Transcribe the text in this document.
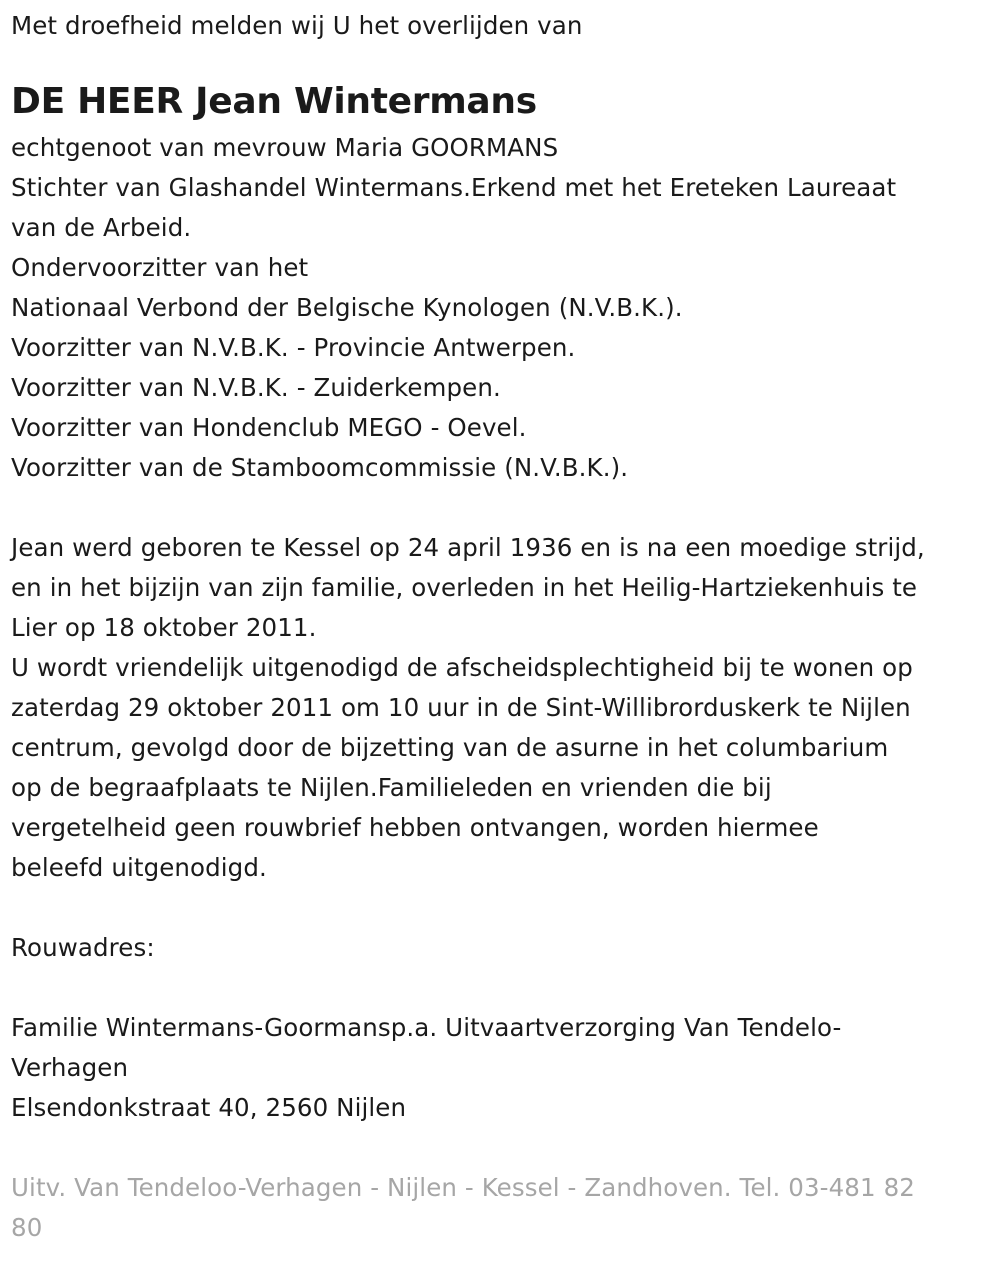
Met droefheid melden wij U het overlijden van

DE HEER Jean Wintermans

echtgenoot van mevrouw Maria GOORMANS

Stichter van Glashandel Wintermans.Erkend met het Ereteken Laureaat

van de Arbeid.

Ondervoorzitter van het

Nationaal Verbond der Belgische Kynologen (N.V.B.K.).

Voorzitter van N.V.B.K. - Provincie Antwerpen.

Voorzitter van N.V.B.K. - Zuiderkempen.

Voorzitter van Hondenclub MEGO - Oevel.

Voorzitter van de Stamboomcommissie (N.V.B.K.).

Jean werd geboren te Kessel op 24 april 1936 en is na een moedige strijd,

en in het bijzijn van zijn familie, overleden in het Heilig-Hartziekenhuis te

Lier op 18 oktober 2011.

U wordt vriendelijk uitgenodigd de afscheidsplechtigheid bij te wonen op

zaterdag 29 oktober 2011 om 10 uur in de Sint-Willibrorduskerk te Nijlen

centrum, gevolgd door de bijzetting van de asurne in het columbarium

op de begraafplaats te Nijlen.Familieleden en vrienden die bij

vergetelheid geen rouwbrief hebben ontvangen, worden hiermee

beleefd uitgenodigd.

Rouwadres:

Familie Wintermans-Goormansp.a. Uitvaartverzorging Van Tendelo-

Verhagen

Elsendonkstraat 40, 2560 Nijlen

Uitv. Van Tendeloo-Verhagen - Nijlen - Kessel - Zandhoven. Tel. 03-481 82

80
